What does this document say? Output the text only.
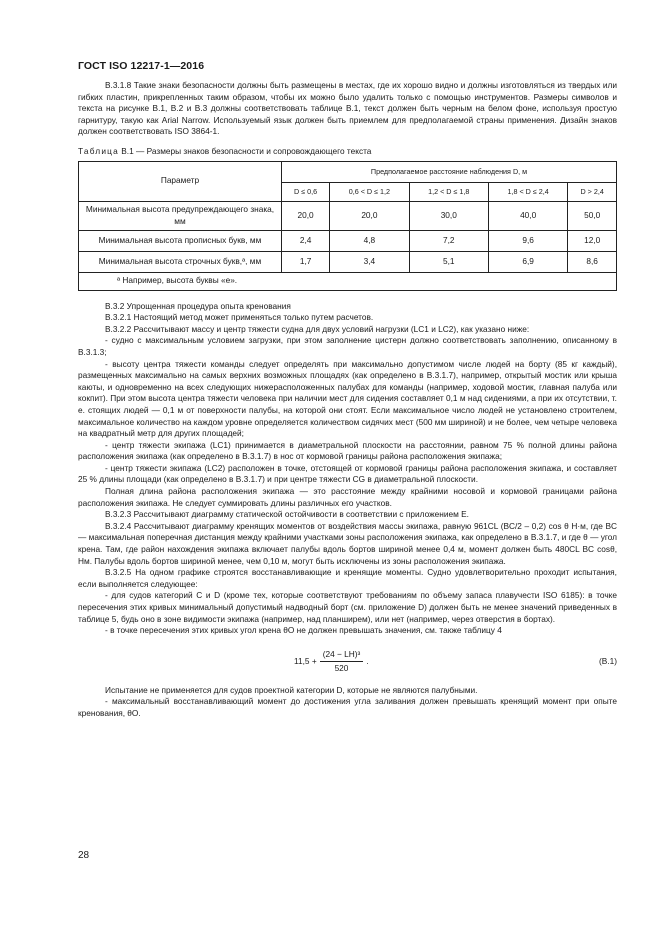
ГОСТ ISO 12217-1—2016

B.3.1.8 Такие знаки безопасности должны быть размещены в местах, где их хорошо видно и должны изготовляться из твердых или гибких пластин, прикрепленных таким образом, чтобы их можно было удалить только с помощью инструментов. Размеры символов и текста на рисунке B.1, B.2 и B.3 должны соответствовать таблице B.1, текст должен быть черным на белом фоне, используя простую гарнитуру, такую как Arial Narrow. Используемый язык должен быть приемлем для предполагаемой страны применения. Дизайн знаков должен соответствовать ISO 3864-1.

Таблица B.1 — Размеры знаков безопасности и сопровождающего текста

Параметр	Предполагаемое расстояние наблюдения D, м				
	D ≤ 0,6	0,6 < D ≤ 1,2	1,2 < D ≤ 1,8	1,8 < D ≤ 2,4	D > 2,4
Минимальная высота предупреждающего знака, мм	20,0	20,0	30,0	40,0	50,0
Минимальная высота прописных букв, мм	2,4	4,8	7,2	9,6	12,0
Минимальная высота строчных букв,ª, мм	1,7	3,4	5,1	6,9	8,6
ª Например, высота буквы «е».					

B.3.2 Упрощенная процедура опыта кренования

B.3.2.1 Настоящий метод может применяться только путем расчетов.

B.3.2.2 Рассчитывают массу и центр тяжести судна для двух условий нагрузки (LC1 и LC2), как указано ниже:

- судно с максимальным условием загрузки, при этом заполнение цистерн должно соответствовать заполнению, описанному в B.3.1.3;

- высоту центра тяжести команды следует определять при максимально допустимом числе людей на борту (85 кг каждый), размещенных максимально на самых верхних возможных площадях (как определено в B.3.1.7), например, открытый мостик или крыша каюты, и одновременно на всех следующих нижерасположенных палубах для команды (например, ходовой мостик, главная палуба или кокпит). При этом высота центра тяжести человека при наличии мест для сидения составляет 0,1 м над сидениями, а при их отсутствии, т. е. стоящих людей — 0,1 м от поверхности палубы, на которой они стоят. Если максимальное число людей не установлено строителем, максимальное количество на каждом уровне определяется количеством сидячих мест (500 мм шириной) и не более, чем четыре человека на квадратный метр для других площадей;

- центр тяжести экипажа (LC1) принимается в диаметральной плоскости на расстоянии, равном 75 % полной длины района расположения экипажа (как определено в B.3.1.7) в нос от кормовой границы района расположения экипажа;

- центр тяжести экипажа (LC2) расположен в точке, отстоящей от кормовой границы района расположения экипажа, и составляет 25 % длины площади (как определено в B.3.1.7) и при центре тяжести CG в диаметральной плоскости.

Полная длина района расположения экипажа — это расстояние между крайними носовой и кормовой границами района расположения экипажа. Не следует суммировать длины различных его участков.

B.3.2.3 Рассчитывают диаграмму статической остойчивости в соответствии с приложением E.

B.3.2.4 Рассчитывают диаграмму кренящих моментов от воздействия массы экипажа, равную 961CL (BC/2 – 0,2) cos θ Н·м, где BC — максимальная поперечная дистанция между крайними участками зоны расположения экипажа, как определено в B.3.1.7, и где θ — угол крена. Там, где район нахождения экипажа включает палубы вдоль бортов шириной менее 0,4 м, момент должен быть 480CL BC cosθ, Нм. Палубы вдоль бортов шириной менее, чем 0,10 м, могут быть исключены из зоны расположения экипажа.

B.3.2.5 На одном графике строятся восстанавливающие и кренящие моменты. Судно удовлетворительно проходит испытания, если выполняется следующее:

- для судов категорий C и D (кроме тех, которые соответствуют требованиям по объему запаса плавучести ISO 6185): в точке пересечения этих кривых минимальный допустимый надводный борт (см. приложение D) должен быть не менее значений приведенных в таблице 5, будь оно в зоне видимости экипажа (например, над планширем), или нет (например, через отверстия в бортах).

- в точке пересечения этих кривых угол крена θO не должен превышать значения, см. также таблицу 4

$11,5 + \frac{\text{(24 − LH)³}}{520}$ .	(B.1)

Испытание не применяется для судов проектной категории D, которые не являются палубными.

- максимальный восстанавливающий момент до достижения угла заливания должен превышать кренящий момент при опыте кренования, θO.

28
